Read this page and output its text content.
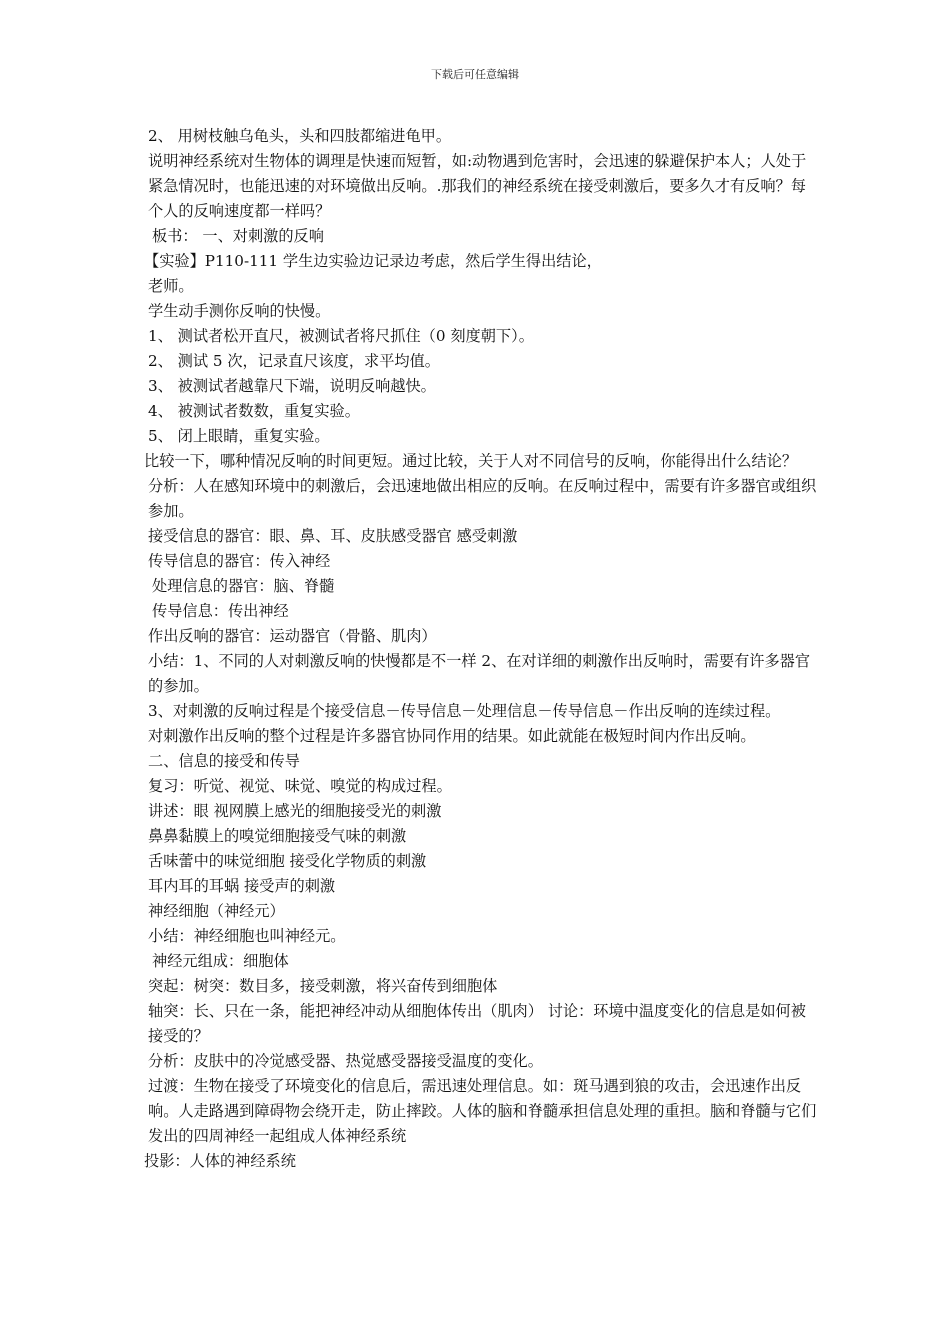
下载后可任意编辑

2、 用树枝触乌龟头，头和四肢都缩进龟甲。

说明神经系统对生物体的调理是快速而短暂，如:动物遇到危害时，会迅速的躲避保护本人；人处于紧急情况时，也能迅速的对环境做出反响。.那我们的神经系统在接受刺激后，要多久才有反响？每个人的反响速度都一样吗？

板书： 一、对刺激的反响

【实验】P110-111 学生边实验边记录边考虑，然后学生得出结论，

老师。

学生动手测你反响的快慢。

1、 测试者松开直尺，被测试者将尺抓住（0 刻度朝下）。

2、 测试 5 次，记录直尺该度，求平均值。

3、 被测试者越靠尺下端，说明反响越快。

4、 被测试者数数，重复实验。

5、 闭上眼睛，重复实验。

比较一下，哪种情况反响的时间更短。通过比较，关于人对不同信号的反响，你能得出什么结论？

分析：人在感知环境中的刺激后，会迅速地做出相应的反响。在反响过程中，需要有许多器官或组织参加。

接受信息的器官：眼、鼻、耳、皮肤感受器官 感受刺激

传导信息的器官：传入神经

处理信息的器官：脑、脊髓

传导信息：传出神经

作出反响的器官：运动器官（骨骼、肌肉）

小结：1、不同的人对刺激反响的快慢都是不一样 2、在对详细的刺激作出反响时，需要有许多器官的参加。

3、对刺激的反响过程是个接受信息－传导信息－处理信息－传导信息－作出反响的连续过程。

对刺激作出反响的整个过程是许多器官协同作用的结果。如此就能在极短时间内作出反响。

二、信息的接受和传导

复习：听觉、视觉、味觉、嗅觉的构成过程。

讲述：眼 视网膜上感光的细胞接受光的刺激

鼻鼻黏膜上的嗅觉细胞接受气味的刺激

舌味蕾中的味觉细胞 接受化学物质的刺激

耳内耳的耳蜗 接受声的刺激

神经细胞（神经元）

小结：神经细胞也叫神经元。

神经元组成：细胞体

突起：树突：数目多，接受刺激，将兴奋传到细胞体

轴突：长、只在一条，能把神经冲动从细胞体传出（肌肉） 讨论：环境中温度变化的信息是如何被接受的？

分析：皮肤中的冷觉感受器、热觉感受器接受温度的变化。

过渡：生物在接受了环境变化的信息后，需迅速处理信息。如：斑马遇到狼的攻击，会迅速作出反响。人走路遇到障碍物会绕开走，防止摔跤。人体的脑和脊髓承担信息处理的重担。脑和脊髓与它们发出的四周神经一起组成人体神经系统

投影：人体的神经系统
